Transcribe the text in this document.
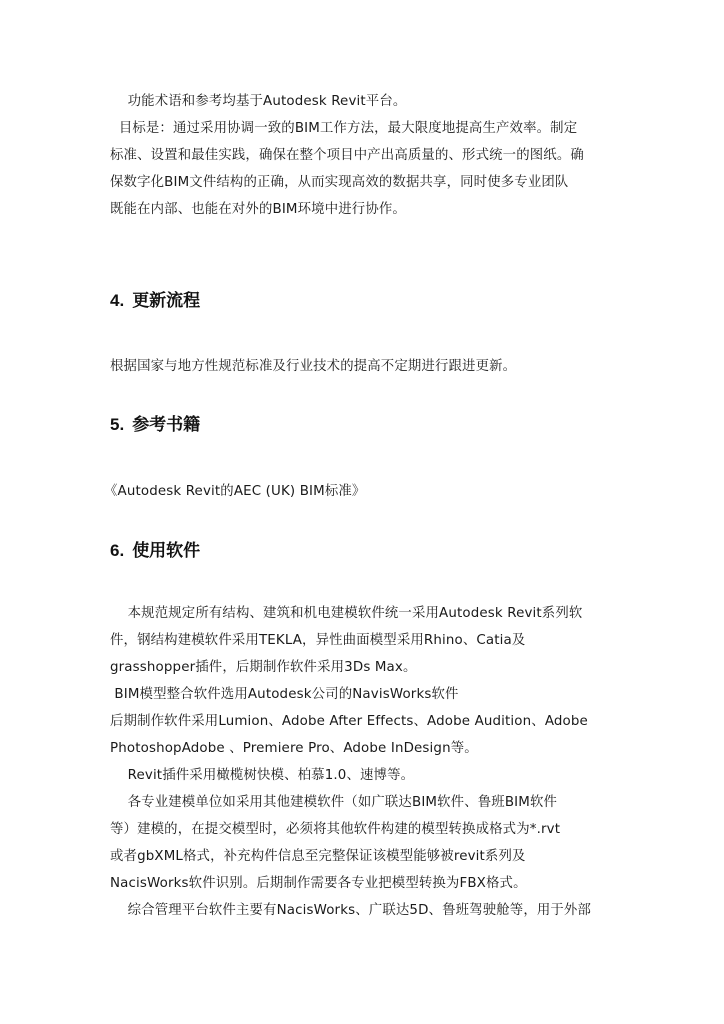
功能术语和参考均基于Autodesk Revit平台。
目标是：通过采用协调一致的BIM工作方法，最大限度地提高生产效率。制定
标准、设置和最佳实践，确保在整个项目中产出高质量的、形式统一的图纸。确
保数字化BIM文件结构的正确，从而实现高效的数据共享，同时使多专业团队
既能在内部、也能在对外的BIM环境中进行协作。
4. 更新流程
根据国家与地方性规范标准及行业技术的提高不定期进行跟进更新。
5. 参考书籍
《Autodesk Revit的AEC (UK) BIM标准》
6. 使用软件
本规范规定所有结构、建筑和机电建模软件统一采用Autodesk Revit系列软
件，钢结构建模软件采用TEKLA，异性曲面模型采用Rhino、Catia及
grasshopper插件，后期制作软件采用3Ds Max。
BIM模型整合软件选用Autodesk公司的NavisWorks软件
后期制作软件采用Lumion、Adobe After Effects、Adobe Audition、Adobe
PhotoshopAdobe 、Premiere Pro、Adobe InDesign等。
Revit插件采用橄榄树快模、柏慕1.0、速博等。
各专业建模单位如采用其他建模软件（如广联达BIM软件、鲁班BIM软件
等）建模的，在提交模型时，必须将其他软件构建的模型转换成格式为*.rvt
或者gbXML格式，补充构件信息至完整保证该模型能够被revit系列及
NacisWorks软件识别。后期制作需要各专业把模型转换为FBX格式。
综合管理平台软件主要有NacisWorks、广联达5D、鲁班驾驶舱等，用于外部
